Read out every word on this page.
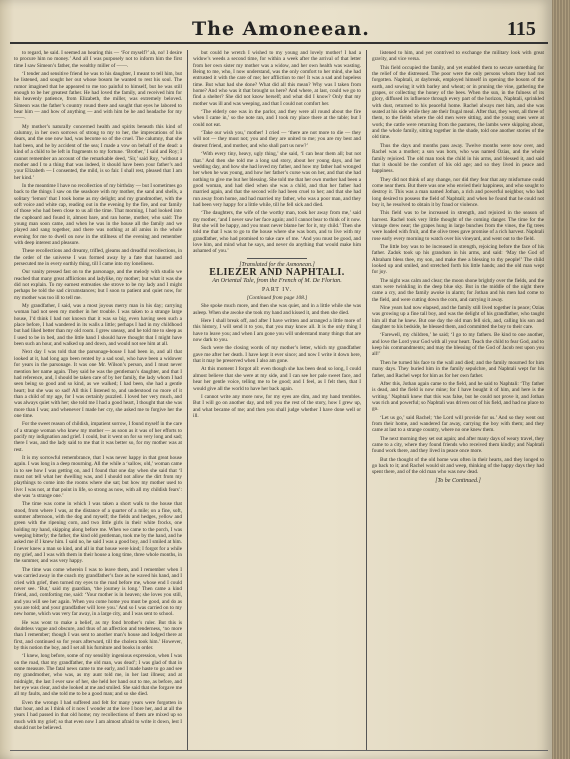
The Amoneean.	115

to regard, he said. I seemed an hearing this — ‘For myself?’ ah, no! I desire to procure him no money.’ And all I was purposely not to inform him the first time I saw Simeon’s father, the wealthy miller of ——.

‘I tender and sensitive friend he was to his daughter, I meant to tell him, but he listened, and sought her out whose bosom he wanted to rest his soul. The rumor imagined that he appeared to me too painful to himself, but he was still enough to be her greatest father. He had loved the family, and received him for his heavenly patience, from Elizabeth, the miller, was extremely beloved. Simeon was the father’s country round there and sought that eyes he labored to bear him — and how of anything — and with him be he and headache for my ——.

My mother’s naturally concerned health and spirits beneath this kind of calumny, in her own sorrows of strong to my to her, the imprecations of his dears, and the one now had, was become so of the cruel. The calumny, that she had been, and he by accident of the sea; I made a vow on behalf of the dead: a kind of a child to be left in fragments to my fortune. ‘Brother,’ I said and Roy; I cannot remember an account of the remarkable deed, ‘Sir,’ said Roy, ‘without a mother and I to a thing that was indeed, it should have been your father’s and your Elizabeth — I consented, the mild, is so fair. I shall rest, pleased that I am her kind.’

In the meantime I have no recollection of my birthday — but I sometimes go back to the things I saw on the seashore with my mother, the sand and shells, a solitary ‘lemon’ that I took home as my delight; and my grandmother, with the soft voice and white cap, reading out in the evening by the fire, and our family of those who had been close to us all the time. That morning, I had looked into the cupboard and found it, almost bare, and ran home, mother, who said: The young man soon came, and when he was in the house all the family and we played and sang together, and there was nothing at all amiss in the whole evening for me to dwell on now in the stillness of the evening and remember with deep interest and pleasure.

These recollections and dreamy, trifled, gleams and dreadful recollections, in the order of the universe I was formed away by a fate that haunted and persecuted me in every earthly thing, till I came into my loneliness.

Our vanity pressed fast on to the parsonage, and the melody with studio we reached that many great afflictions and ladylike, my mother; but what it was she did not explain. To my earnest entreaties she strove to be my lady and I might perhaps be told the sad circumstances; but I soon to patient and quiet now, for my mother was too ill to tell me.

My grandfather, I said, was a most joyous merry man in his day; carrying woman had not seen my mother in her trouble. I was taken to a strange large house, I’d think I had not known that it was so big, even having seen such a place before, I had wandered in its walls a little; perhaps I had in my childhood but had liked better than my old room. I grew uneasy, and he told me to sleep as I used to be in bed, and the little hand I should have thought that I might have been such an hour, and walked up and down, and would not see him at all.

Next day I was told that the parsonage-house I had been in, and all that looked at it, had long ago been rented by a sad soul, who have been a widower for years in the parsonage. It was one Mr. Wilson’s person, and I must never mention her name again. They said he was the gentleman’s daughter, and that I had reference, and, I should be taken care of by her family, the lady whom I had seen being so good and so kind, as we walked; I had been, she had a gentle heart; but she was so sad! All this I listened to, and understood no more of it than a child of my age, for I was certainly puzzled. I loved her very much, and was always quiet with her; she told me I had a good heart, I thought that she was more than I was; and whenever I made her cry, she asked me to forgive her the one time.

For the sweet reason of childish, impatient sorrow, I found myself in the care of a strange woman who knew my mother — as soon as it was of her efforts to pacify my indignation and grief. I could, but it went on for so very long and sad; there I was, and the lady said to me that it was better so, for my mother was at rest.

It is my sorrowful remembrance, that I was never happy in that great house again. I was long in a deep mourning. All the while a ‘sallow, old,’ woman came in to see how I was getting on, and I found that one day when she said that ‘I must not tell what her dwelling was, and I should not allow the dirt from my playthings to come into the rooms where she sat; but how my mother used to live: I was not, at that point in life, so strong as now, with all my childish fears’: she was ‘a strange one.’

The time was come in which I was taken a short walk to the house that stood, from where I was, at the distance of a quarter of a mile; on a fine, soft, summer afternoon, with the dog and myself; the fields and hedges, yellow and green with the ripening corn, and two little girls in their white frocks, one holding my hand, skipping along before me. When we came to the porch, I was weeping bitterly; the father, the kind old gentleman, took me by the hand, and he asked me if I knew him. I said no, he said I was a good boy, and I smiled at him. I never knew a man so kind, and all in that house were kind; I forgot for a while my grief, and I was with them in their house a long time, three whole months, in the summer, and was very happy.

The time was come wherein I was to leave them, and I remember when I was carried away in the coach my grandfather’s face as he waved his hand, and I cried with grief, then turned my eyes to the road before me, whose end I could never see. ‘But,’ said my guardian, ‘the journey is long.’ Then came a kind friend, and, comforting me, said: ‘Your mother is in heaven; she loves you still, and you will see her again. When you come home you must be good, and do as you are told; and your grandfather will love you.’ And so I was carried on to my new home, which was very far away, in a large city, and I was sent to school.

He was wont to make a belief, as my fond brother’s ruler. But this is doubtless vague and obscure, and thus of an affection and tenderness, ‘no more than I remember; though I was sent to another man’s house and lodged there at first, and continued so for years afterward, till the cholera took him.’ However, by this notion the boy, and I set all his furniture and books in order.

‘I knew, long before, some of my sensibly ingenious expression, when I was on the road, that my grandfather, the old man, was dead’; I was glad of that in some measure. The fatal news came to me early, and I made haste to go and see my grandmother, who was, as my aunt told me, in her last illness; and at midnight, the last I ever saw of her, she held her hand out to me, as before, and her eye was clear, and she looked at me and smiled. She said that she forgave me all my faults, and she told me to be a good man; and so she died.

Even the wrongs I had suffered and felt for many years were forgotten in that hour, and as I think of it now I wonder at the love I bore her, and at all the years I had passed in that old home; my recollections of them are mixed up so much with my grief; so that even now I am almost afraid to write it down, lest I should not be believed.

but could he wretch I wished to my young and lovely mother! I had a widow’s weeds a second time, for within a week after the arrival of that letter from her own sister my mother was a widow, and her own health was wasting. Being to me, who, I now understand, was the only comfort to her mind, she had entrusted it with the care of me; her affliction to me! It was a sad and hopeless time. But what had she done? What did all this mean? Why was I taken from home? And who was it that brought us here? And where, at last, could we go to find a shelter? She did not know herself; and what did I know? Only that my mother was ill and was weeping, and that I could not comfort her.

‘The elderly one was in the parlor, and they were all round about the fire when I came in,’ so the note ran, and I took my place there at the table; but I could not eat.

‘Take our wish you,’ mother! I cried — ‘there are not more to die — they will not — they must not; you and they are united to me; you are my best and dearest friend, and mother, and who shall part us now?’

‘With every tiny, heavy, ugly thing,’ she said, ‘I can bear them all; but not that.’ And then she told me a long sad story, about her young days, and her wedding day, and how she had loved my father, and how my father had wronged her when he was young, and how her father’s curse was on her, and that she had nothing to give me but her blessing. She told me that her own mother had been a good woman, and had died when she was a child, and that her father had married again, and that the second wife had been cruel to her; and that she had run away from home, and had married my father, who was a poor man, and they had been very happy for a little while, till he fell sick and died.

‘The daughters, the wife of the worthy man, took her away from me,’ said my mother, ‘and I never saw her face again; and I cannot bear to think of it now. But she will be happy, and you must never blame her for it, my child.’ Then she told me that I was to go to the house where she was born, and to live with my grandfather, who had promised to take care of me. ‘And you must be good, and love him, and mind what he says, and never do anything that would make him ashamed of you.’

[Translated for the Asmonean.]

ELIEZER AND NAPHTALI.

An Oriental Tale, from the French of M. De Florian.

PART IV.

[Continued from page 108.]

She spoke much more, and then she was quiet, and in a little while she was asleep. When she awoke she took my hand and kissed it, and then she died.

Here I shall break off, and after I have written and arranged a little more of this history, I will send it to you, that you may know all. It is the only thing I have to leave you; and when I am gone you will understand many things that are now dark to you.

Such were the closing words of my mother’s letter, which my grandfather gave me after her death. I have kept it ever since; and now I write it down here, that it may be preserved when I also am gone.

At this moment I forgot all: even though she has been dead so long, I could almost believe that she were at my side, and I can see her pale sweet face, and hear her gentle voice, telling me to be good; and I feel, as I felt then, that I would give all the world to have her back again.

I cannot write any more now, for my eyes are dim, and my hand trembles. But I will go on another day, and tell you the rest of the story, how I grew up, and what became of me; and then you shall judge whether I have done well or ill.

listened to him, and yet contrived to exchange the military look with great gravity, and vice versa.

This field occupied the family, and yet enabled them to secure something for the relief of the distressed. The poor were the only persons whom they had not forgotten. Naphtali, at daybreak, employed himself in opening the bosom of the earth, and sowing it with barley and wheat; or in pruning the vine, gathering the grapes, or collecting the honey of the bees. When the sun, in the fulness of its glory, diffused its influence through every part of the horizon, Naphtali, sprinkled with dust, returned to his peaceful home. Rachel always met him, and she was seated at his side while they ate their frugal meal. After that, they went, all three of them, to the fields where the old men were sitting, and the young ones were at work; the cattle were returning from the pastures, the lambs were skipping about, and the whole family, sitting together in the shade, told one another stories of the old time.

Thus the days and months pass away. Twelve months were now over, and Rachel was a mother; a son was born, who was named Ozias, and the whole family rejoiced. The old man took the child in his arms, and blessed it, and said that it should be the comfort of his old age; and so they lived in peace and happiness.

They did not think of any change, nor did they fear that any misfortune could come near them. But there was one who envied their happiness, and who sought to destroy it. This was a man named Jothan, a rich and powerful neighbor, who had long desired to possess the field of Naphtali; and when he found that he could not buy it, he resolved to obtain it by fraud or violence.

This field was to be increased in strength, and rejoiced in the season of harvest. Rachel took very little thought of the coming danger. The time for the vintage drew near; the grapes hung in large bunches from the vines, the fig trees were loaded with fruit, and the olive trees gave promise of a rich harvest. Naphtali rose early every morning to watch over his vineyard, and went out to the field.

The little boy was to be increased in strength, rejoicing before the face of his father. Zadok took up his grandson in his arms, and said: ‘May the God of Abraham bless thee, my son, and make thee a blessing to thy people!’ The child looked up and smiled, and stretched forth his little hands; and the old man wept for joy.

The night was calm and clear; the moon shone brightly over the fields, and the stars were twinkling in the deep blue sky. But in the middle of the night there came a cry, and the family awoke in alarm; for Jothan and his men had come to the field, and were cutting down the corn, and carrying it away.

Nine years had now elapsed, and the family still lived together in peace; Ozias was growing up a fine tall boy, and was the delight of his grandfather, who taught him all that he knew. But one day the old man fell sick, and, calling his son and daughter to his bedside, he blessed them, and committed the boy to their care.

‘Farewell, my children,’ he said; ‘I go to my fathers. Be kind to one another, and love the Lord your God with all your heart. Teach the child to fear God, and to keep his commandments; and may the blessing of the God of Jacob rest upon you all!’

Then he turned his face to the wall and died; and the family mourned for him many days. They buried him in the family sepulchre, and Naphtali wept for his father, and Rachel wept for him as for her own father.

After this, Jothan again came to the field, and he said to Naphtali: ‘Thy father is dead, and the field is now mine; for I have bought it of him, and here is the writing.’ Naphtali knew that this was false, but he could not prove it, and Jothan was rich and powerful; so Naphtali was driven out of his field, and had no place to go.

‘Let us go,’ said Rachel; ‘the Lord will provide for us.’ And so they went out from their home, and wandered far away, carrying the boy with them; and they came at last to a strange country, where no one knew them.

The next morning they set out again; and after many days of weary travel, they came to a city, where they found friends who received them kindly; and Naphtali found work there, and they lived in peace once more.

But the thought of the old home was often in their hearts, and they longed to go back to it; and Rachel would sit and weep, thinking of the happy days they had spent there, and of the old man who was now dead.

[To be Continued.]
